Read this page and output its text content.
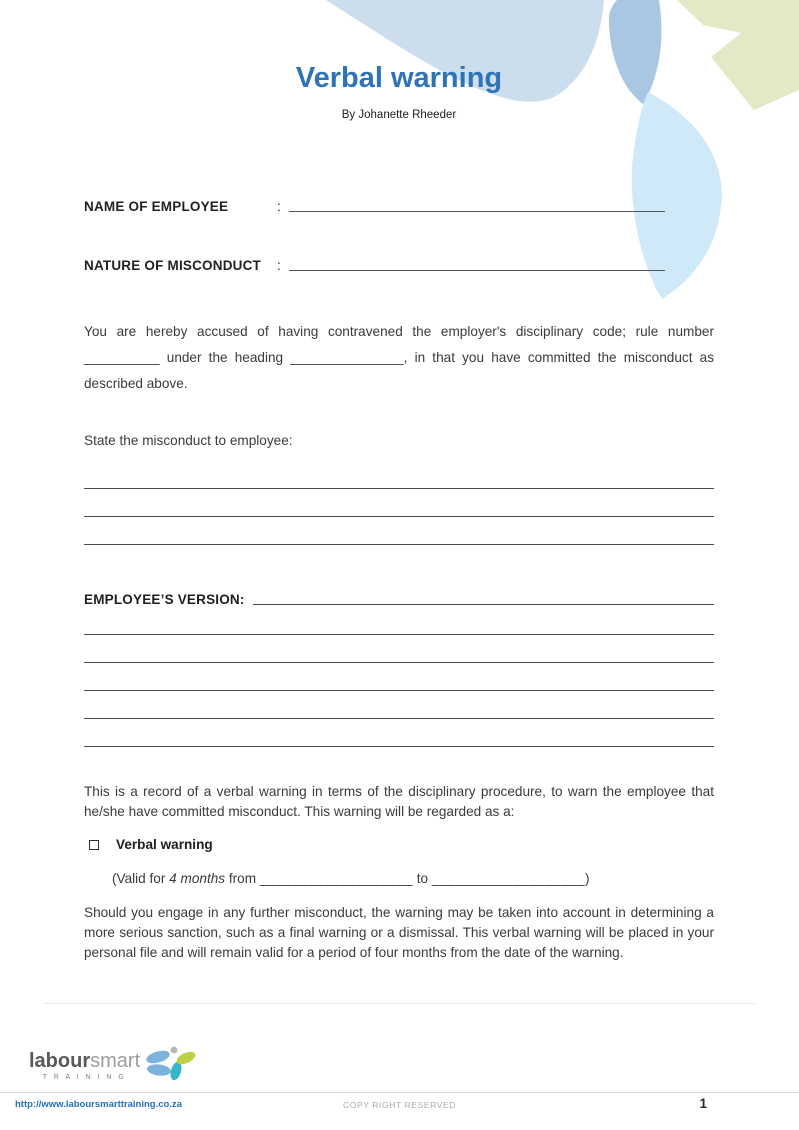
Verbal warning
By Johanette Rheeder
NAME OF EMPLOYEE	:
NATURE OF MISCONDUCT	:

You are hereby accused of having contravened the employer's disciplinary code; rule number __________ under the heading _______________, in that you have committed the misconduct as described above.

State the misconduct to employee:
EMPLOYEE’S VERSION:

This is a record of a verbal warning in terms of the disciplinary procedure, to warn the employee that he/she have committed misconduct. This warning will be regarded as a:

Verbal warning
(Valid for 4 months from ___________________ to ___________________)

Should you engage in any further misconduct, the warning may be taken into account in determining a more serious sanction, such as a final warning or a dismissal. This verbal warning will be placed in your personal file and will remain valid for a period of four months from the date of the warning.

laboursmart
T R A I N I N G
http://www.laboursmarttraining.co.za	COPY RIGHT RESERVED	1
